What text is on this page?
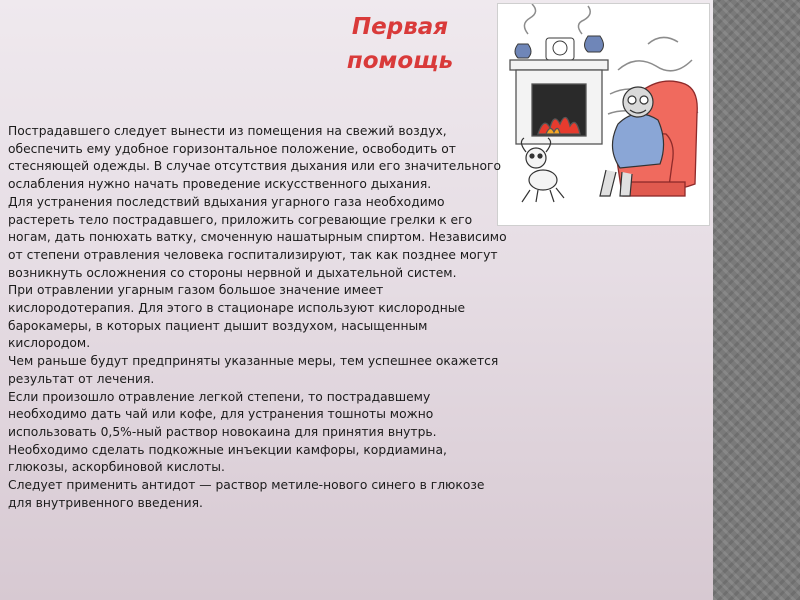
Первая
помощь

Пострадавшего следует вынести из помещения на свежий воздух, обеспечить ему удобное горизонтальное положение, освободить от стесняющей одежды. В случае отсутствия дыхания или его значительного ослабления нужно начать проведение искусственного дыхания.

Для устранения последствий вдыхания угарного газа необходимо растереть тело пострадавшего, приложить согревающие грелки к его ногам, дать понюхать ватку, смоченную нашатырным спиртом. Независимо от степени отравления человека госпитализируют, так как позднее могут возникнуть осложнения со стороны нервной и дыхательной систем.

При отравлении угарным газом большое значение имеет кислородотерапия. Для этого в стационаре используют кислородные барокамеры, в которых пациент дышит воздухом, насыщенным кислородом.

Чем раньше будут предприняты указанные меры, тем успешнее окажется результат от лечения.

Если произошло отравление легкой степени, то пострадавшему необходимо дать чай или кофе, для устранения тошноты можно использовать 0,5%-ный раствор новокаина для принятия внутрь. Необходимо сделать подкожные инъекции камфоры, кордиамина, глюкозы, аскорбиновой кислоты.

Следует применить антидот — раствор метиле-нового синего в глюкозе для внутривенного введения.
